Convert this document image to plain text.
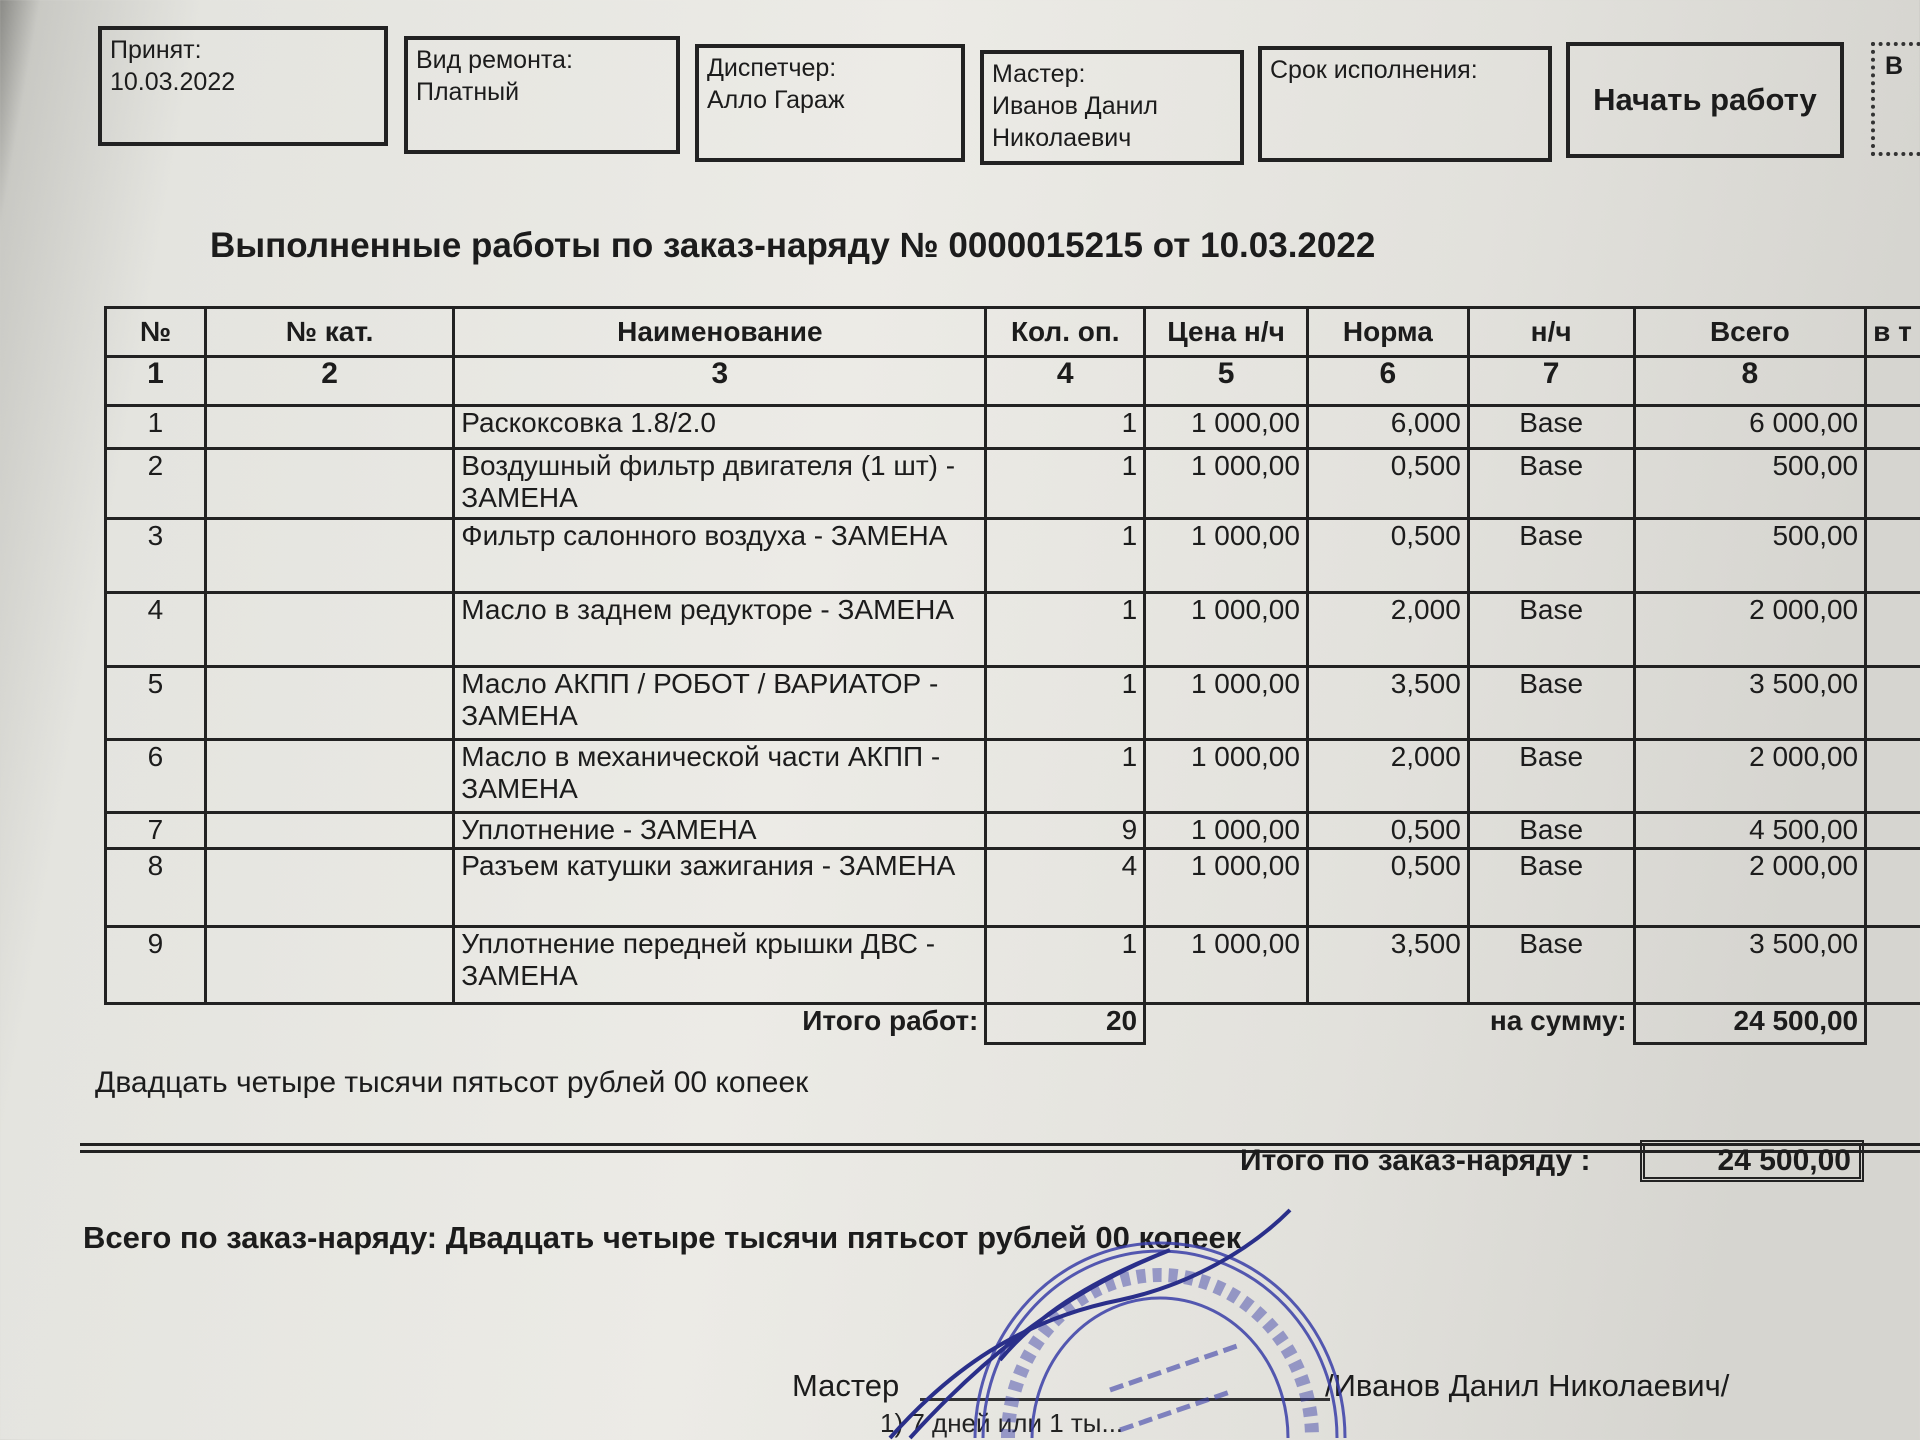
Принят:
10.03.2022
Вид ремонта:
Платный
Диспетчер:
Алло Гараж
Мастер:
Иванов Данил Николаевич
Срок исполнения:
Начать работу
В
Выполненные работы по заказ-наряду № 0000015215 от 10.03.2022
№	№ кат.	Наименование	Кол. оп.	Цена н/ч	Норма	н/ч	Всего	в т
1	2	3	4	5	6	7	8	
1		Раскоксовка 1.8/2.0	1	1 000,00	6,000	Base	6 000,00	
2		Воздушный фильтр двигателя (1 шт) - ЗАМЕНА	1	1 000,00	0,500	Base	500,00	
3		Фильтр салонного воздуха - ЗАМЕНА	1	1 000,00	0,500	Base	500,00	
4		Масло в заднем редукторе - ЗАМЕНА	1	1 000,00	2,000	Base	2 000,00	
5		Масло АКПП / РОБОТ / ВАРИАТОР - ЗАМЕНА	1	1 000,00	3,500	Base	3 500,00	
6		Масло в механической части АКПП - ЗАМЕНА	1	1 000,00	2,000	Base	2 000,00	
7		Уплотнение - ЗАМЕНА	9	1 000,00	0,500	Base	4 500,00	
8		Разъем катушки зажигания - ЗАМЕНА	4	1 000,00	0,500	Base	2 000,00	
9		Уплотнение передней крышки ДВС - ЗАМЕНА	1	1 000,00	3,500	Base	3 500,00	
Итого работ:			20	на сумму:			24 500,00	
Двадцать четыре тысячи пятьсот рублей 00 копеек
Итого по заказ-наряду :	24 500,00
Всего по заказ-наряду: Двадцать четыре тысячи пятьсот рублей 00 копеек
Мастер	/Иванов Данил Николаевич/
1) 7 дней или 1 ты...
